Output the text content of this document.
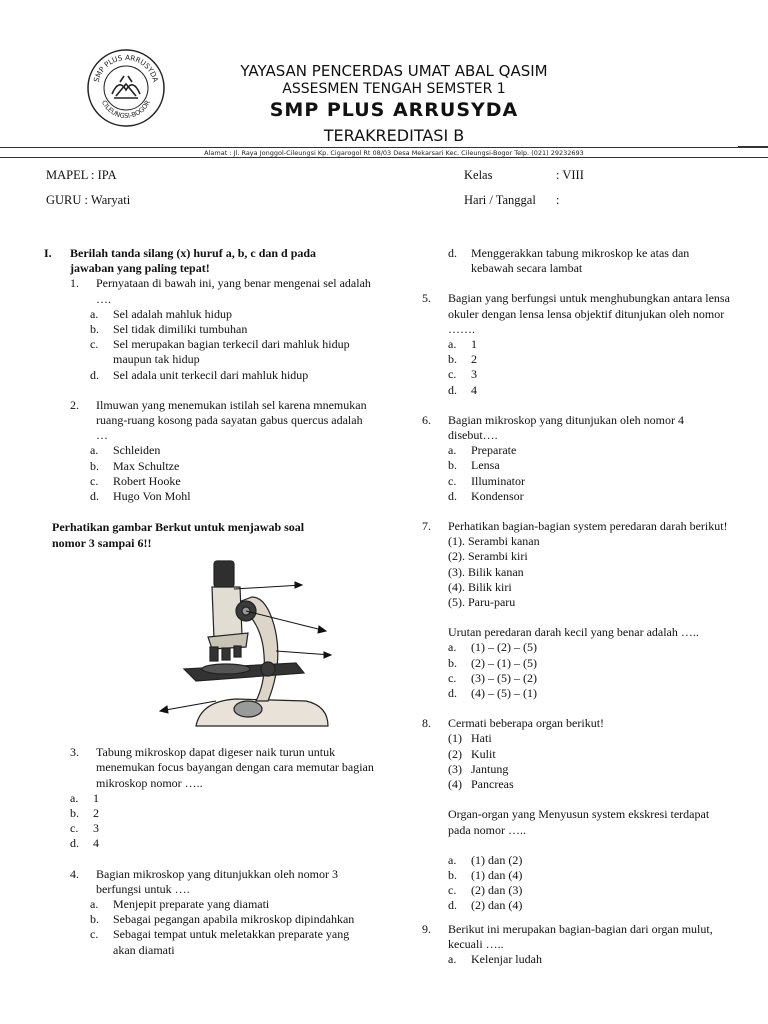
SMP PLUS ARRUSYDA
CILEUNGSI-BOGOR
YAYASAN PENCERDAS UMAT ABAL QASIM
ASSESMEN TENGAH SEMSTER 1
SMP PLUS ARRUSYDA
TERAKREDITASI B
Alamat : Jl. Raya Jonggol-Cileungsi Kp. Cigarogol Rt 08/03 Desa Mekarsari Kec. Cileungsi-Bogor Telp. (021) 29232693
MAPEL : IPA
GURU : Waryati
Kelas	: VIII
Hari / Tanggal :
I.	Berilah tanda silang (x) huruf a, b, c dan d pada
jawaban yang paling tepat!
1.	Pernyataan di bawah ini, yang benar mengenai sel adalah ….
a.	Sel adalah mahluk hidup
b.	Sel tidak dimiliki tumbuhan
c.	Sel merupakan bagian terkecil dari mahluk hidup maupun tak hidup
d.	Sel adala unit terkecil dari mahluk hidup
2.	Ilmuwan yang menemukan istilah sel karena mnemukan ruang-ruang kosong pada sayatan gabus quercus adalah …
a.	Schleiden
b.	Max Schultze
c.	Robert Hooke
d.	Hugo Von Mohl
Perhatikan gambar Berkut untuk menjawab soal
nomor 3 sampai 6!!
3.	Tabung mikroskop dapat digeser naik turun untuk menemukan focus bayangan dengan cara memutar bagian mikroskop nomor …..
a.	1
b.	2
c.	3
d.	4
4.	Bagian mikroskop yang ditunjukkan oleh nomor 3 berfungsi untuk ….
a.	Menjepit preparate yang diamati
b.	Sebagai pegangan apabila mikroskop dipindahkan
c.	Sebagai tempat untuk meletakkan preparate yang akan diamati
d.	Menggerakkan tabung mikroskop ke atas dan kebawah secara lambat
5.	Bagian yang berfungsi untuk menghubungkan antara lensa okuler dengan lensa lensa objektif ditunjukan oleh nomor …….
a.	1
b.	2
c.	3
d.	4
6.	Bagian mikroskop yang ditunjukan oleh nomor 4 disebut….
a.	Preparate
b.	Lensa
c.	Illuminator
d.	Kondensor
7.	Perhatikan bagian-bagian system peredaran darah berikut!
(1). Serambi kanan
(2). Serambi kiri
(3). Bilik kanan
(4). Bilik kiri
(5). Paru-paru
Urutan peredaran darah kecil yang benar adalah …..
a.	(1) – (2) – (5)
b.	(2) – (1) – (5)
c.	(3) – (5) – (2)
d.	(4) – (5) – (1)
8.	Cermati beberapa organ berikut!
(1) Hati
(2) Kulit
(3) Jantung
(4) Pancreas
Organ-organ yang Menyusun system ekskresi terdapat pada nomor …..
a.	(1) dan (2)
b.	(1) dan (4)
c.	(2) dan (3)
d.	(2) dan (4)
9.	Berikut ini merupakan bagian-bagian dari organ mulut, kecuali …..
a.	Kelenjar ludah
